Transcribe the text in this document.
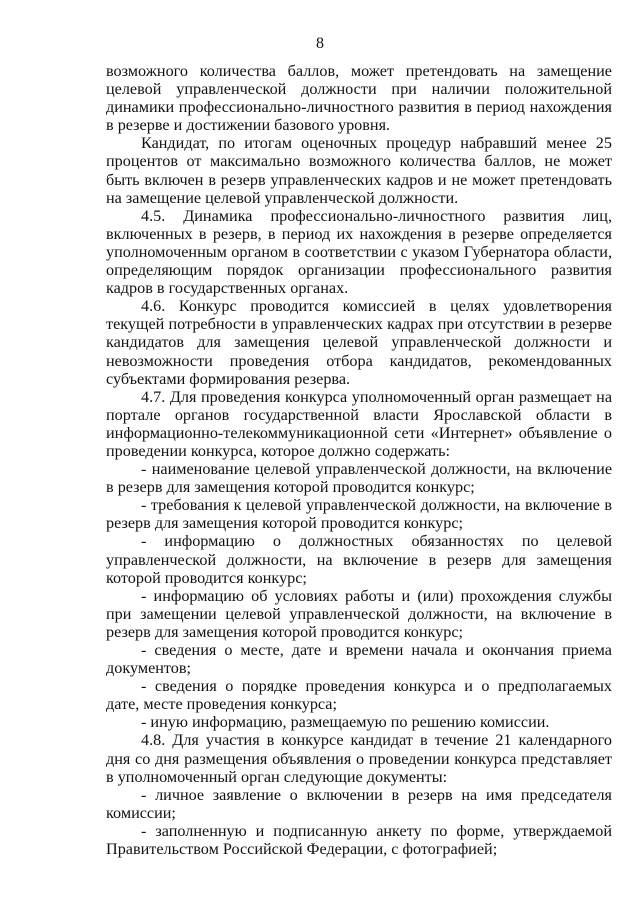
8

возможного количества баллов, может претендовать на замещение целевой управленческой должности при наличии положительной динамики профессионально-личностного развития в период нахождения в резерве и достижении базового уровня.

Кандидат, по итогам оценочных процедур набравший менее 25 процентов от максимально возможного количества баллов, не может быть включен в резерв управленческих кадров и не может претендовать на замещение целевой управленческой должности.

4.5. Динамика профессионально-личностного развития лиц, включенных в резерв, в период их нахождения в резерве определяется уполномоченным органом в соответствии с указом Губернатора области, определяющим порядок организации профессионального развития кадров в государственных органах.

4.6. Конкурс проводится комиссией в целях удовлетворения текущей потребности в управленческих кадрах при отсутствии в резерве кандидатов для замещения целевой управленческой должности и невозможности проведения отбора кандидатов, рекомендованных субъектами формирования резерва.

4.7. Для проведения конкурса уполномоченный орган размещает на портале органов государственной власти Ярославской области в информационно-телекоммуникационной сети «Интернет» объявление о проведении конкурса, которое должно содержать:

- наименование целевой управленческой должности, на включение в резерв для замещения которой проводится конкурс;

- требования к целевой управленческой должности, на включение в резерв для замещения которой проводится конкурс;

- информацию о должностных обязанностях по целевой управленческой должности, на включение в резерв для замещения которой проводится конкурс;

- информацию об условиях работы и (или) прохождения службы при замещении целевой управленческой должности, на включение в резерв для замещения которой проводится конкурс;

- сведения о месте, дате и времени начала и окончания приема документов;

- сведения о порядке проведения конкурса и о предполагаемых дате, месте проведения конкурса;

- иную информацию, размещаемую по решению комиссии.

4.8. Для участия в конкурсе кандидат в течение 21 календарного дня со дня размещения объявления о проведении конкурса представляет в уполномоченный орган следующие документы:

- личное заявление о включении в резерв на имя председателя комиссии;

- заполненную и подписанную анкету по форме, утверждаемой Правительством Российской Федерации, с фотографией;
